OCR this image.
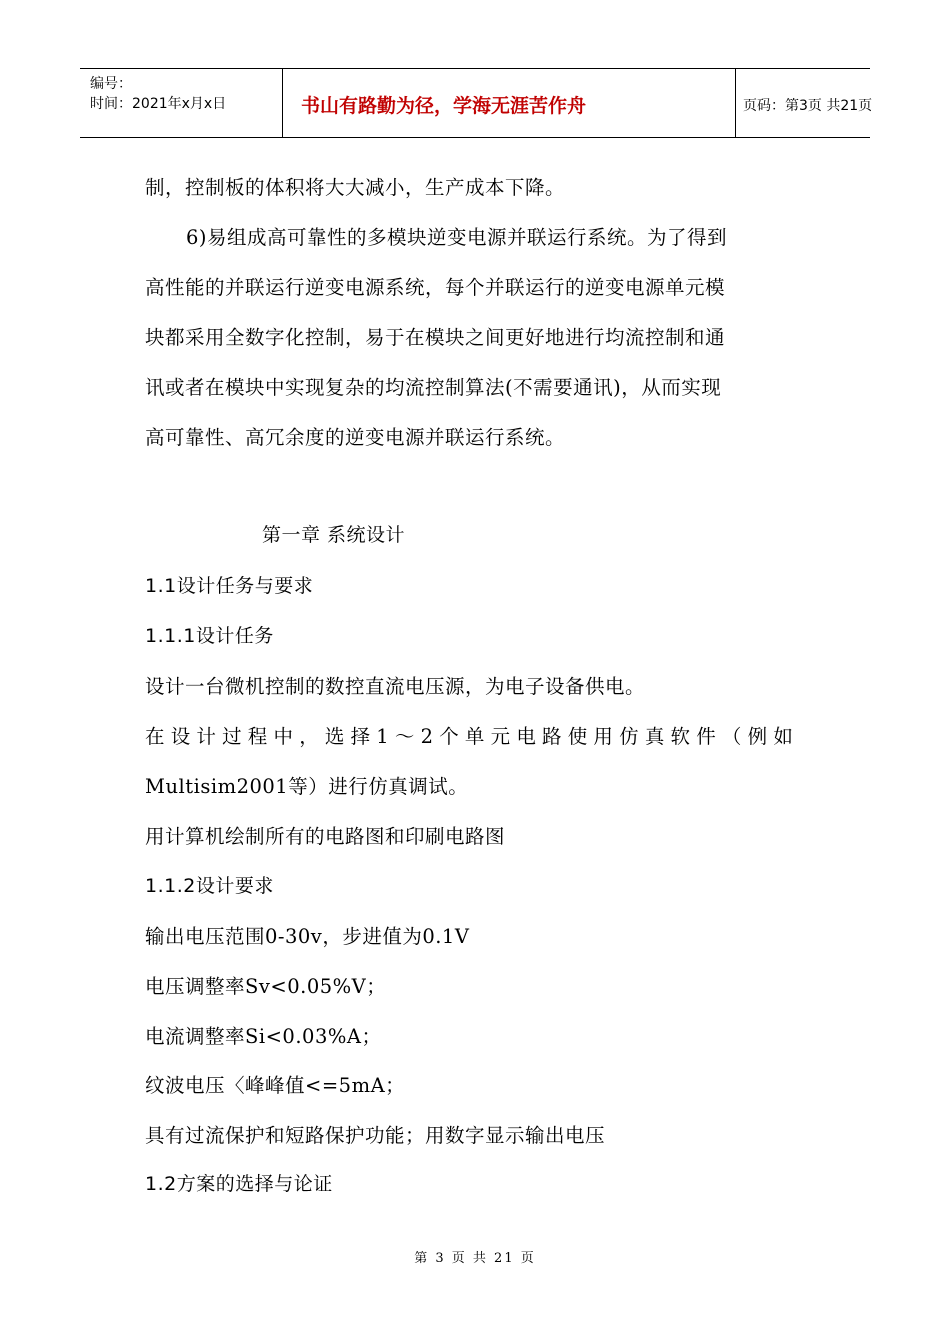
编号：
时间：2021年x月x日	书山有路勤为径，学海无涯苦作舟	页码：第3页 共21页
制，控制板的体积将大大减小，生产成本下降。
6)易组成高可靠性的多模块逆变电源并联运行系统。为了得到
高性能的并联运行逆变电源系统，每个并联运行的逆变电源单元模
块都采用全数字化控制，易于在模块之间更好地进行均流控制和通
讯或者在模块中实现复杂的均流控制算法(不需要通讯)，从而实现
高可靠性、高冗余度的逆变电源并联运行系统。
第一章 系统设计
1.1设计任务与要求
1.1.1设计任务
设计一台微机控制的数控直流电压源，为电子设备供电。
在设计过程中，选择1～2个单元电路使用仿真软件（例如
Multisim2001等）进行仿真调试。
用计算机绘制所有的电路图和印刷电路图
1.1.2设计要求
输出电压范围0-30v，步进值为0.1V
电压调整率Sv<0.05%V；
电流调整率Si<0.03%A；
纹波电压〈峰峰值<=5mA；
具有过流保护和短路保护功能；用数字显示输出电压
1.2方案的选择与论证
第 3 页 共 21 页
